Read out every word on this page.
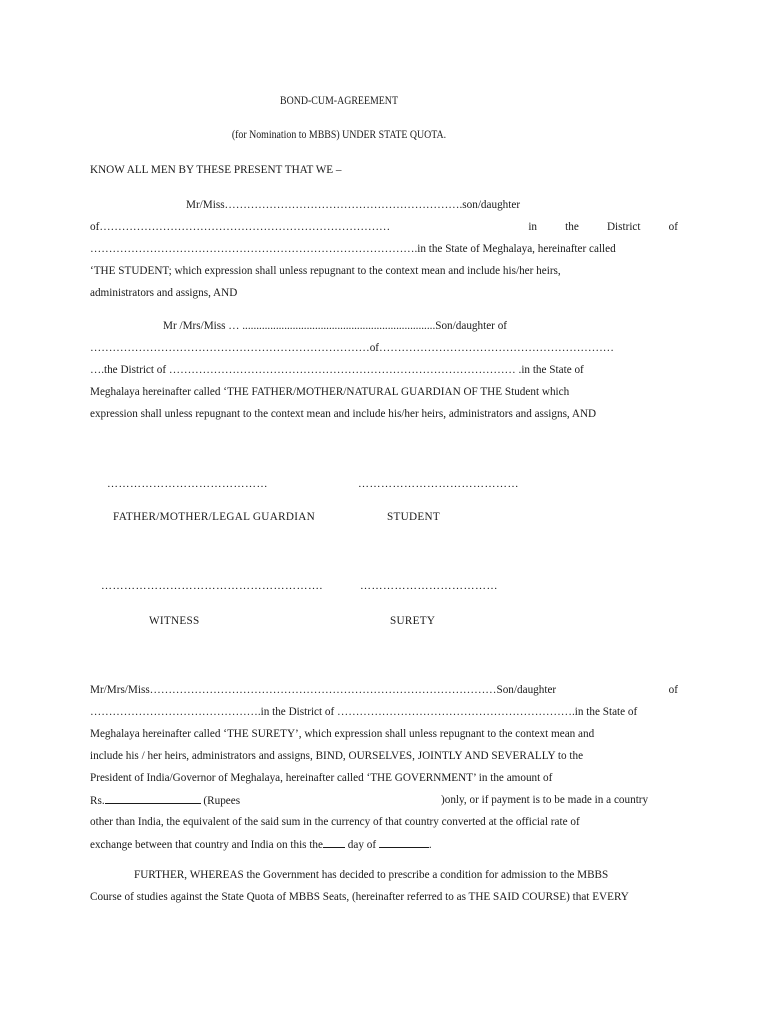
BOND-CUM-AGREEMENT
(for Nomination to MBBS) UNDER STATE QUOTA.
KNOW ALL MEN BY THESE PRESENT THAT WE –
Mr/Miss……………………………………………………….son/daughter
of……………………………………………………………………	in	the	District	of
…………………………………………………………………………….in the State of Meghalaya, hereinafter called
‘THE STUDENT; which expression shall unless repugnant to the context mean and include his/her heirs,
administrators and assigns, AND
Mr /Mrs/Miss … .....................................................................Son/daughter of
…………………………………………………………………of………………………………………………………
….the District of ………………………………………………………………………………… .in the State of
Meghalaya hereinafter called ‘THE FATHER/MOTHER/NATURAL GUARDIAN OF THE Student which
expression shall unless repugnant to the context mean and include his/her heirs, administrators and assigns, AND
……………………………………	……………………………………
FATHER/MOTHER/LEGAL GUARDIAN	STUDENT
………………………………………………….	………………………………
WITNESS	SURETY
Mr/Mrs/Miss…………………………………………………………………………………Son/daughter	of
……………………………………….in the District of ……………………………………………………….in the State of
Meghalaya hereinafter called ‘THE SURETY’, which expression shall unless repugnant to the context mean and
include his / her heirs, administrators and assigns, BIND, OURSELVES, JOINTLY AND SEVERALLY to the
President of India/Governor of Meghalaya, hereinafter called ‘THE GOVERNMENT’ in the amount of
Rs.	(Rupees	)only, or if payment is to be made in a country
other than India, the equivalent of the said sum in the currency of that country converted at the official rate of
exchange between that country and India on this the day of	.
FURTHER, WHEREAS the Government has decided to prescribe a condition for admission to the MBBS
Course of studies against the State Quota of MBBS Seats, (hereinafter referred to as THE SAID COURSE) that EVERY
